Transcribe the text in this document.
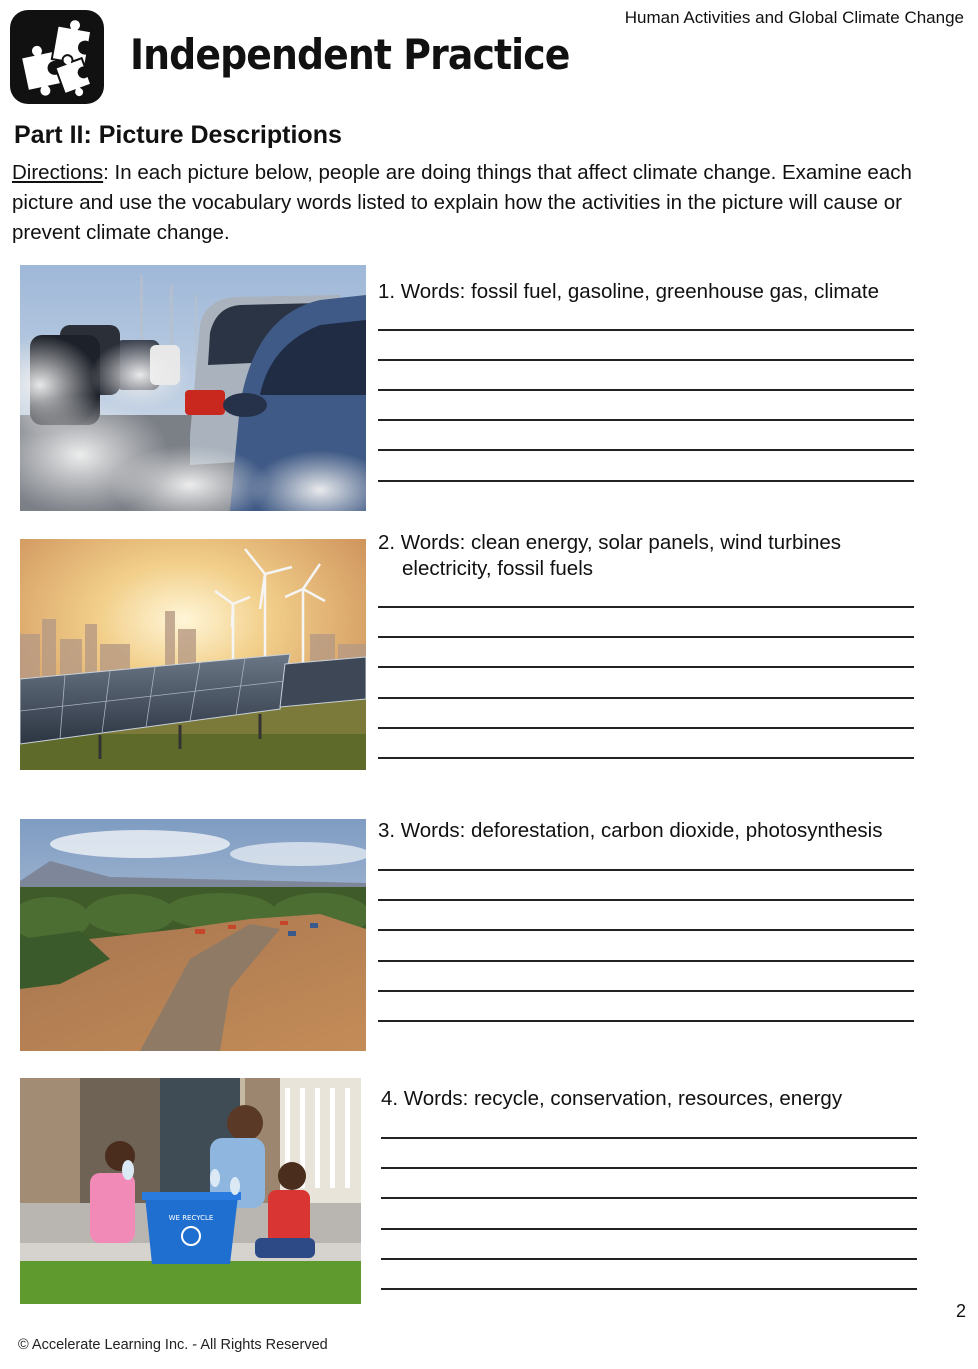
Human Activities and Global Climate Change
Independent Practice
Part II: Picture Descriptions
Directions: In each picture below, people are doing things that affect climate change. Examine each picture and use the vocabulary words listed to explain how the activities in the picture will cause or prevent climate change.
1. Words: fossil fuel, gasoline, greenhouse gas, climate
2. Words: clean energy, solar panels, wind turbines
electricity, fossil fuels
3. Words: deforestation, carbon dioxide, photosynthesis
WE RECYCLE
4. Words: recycle, conservation, resources, energy
2
© Accelerate Learning Inc. - All Rights Reserved
